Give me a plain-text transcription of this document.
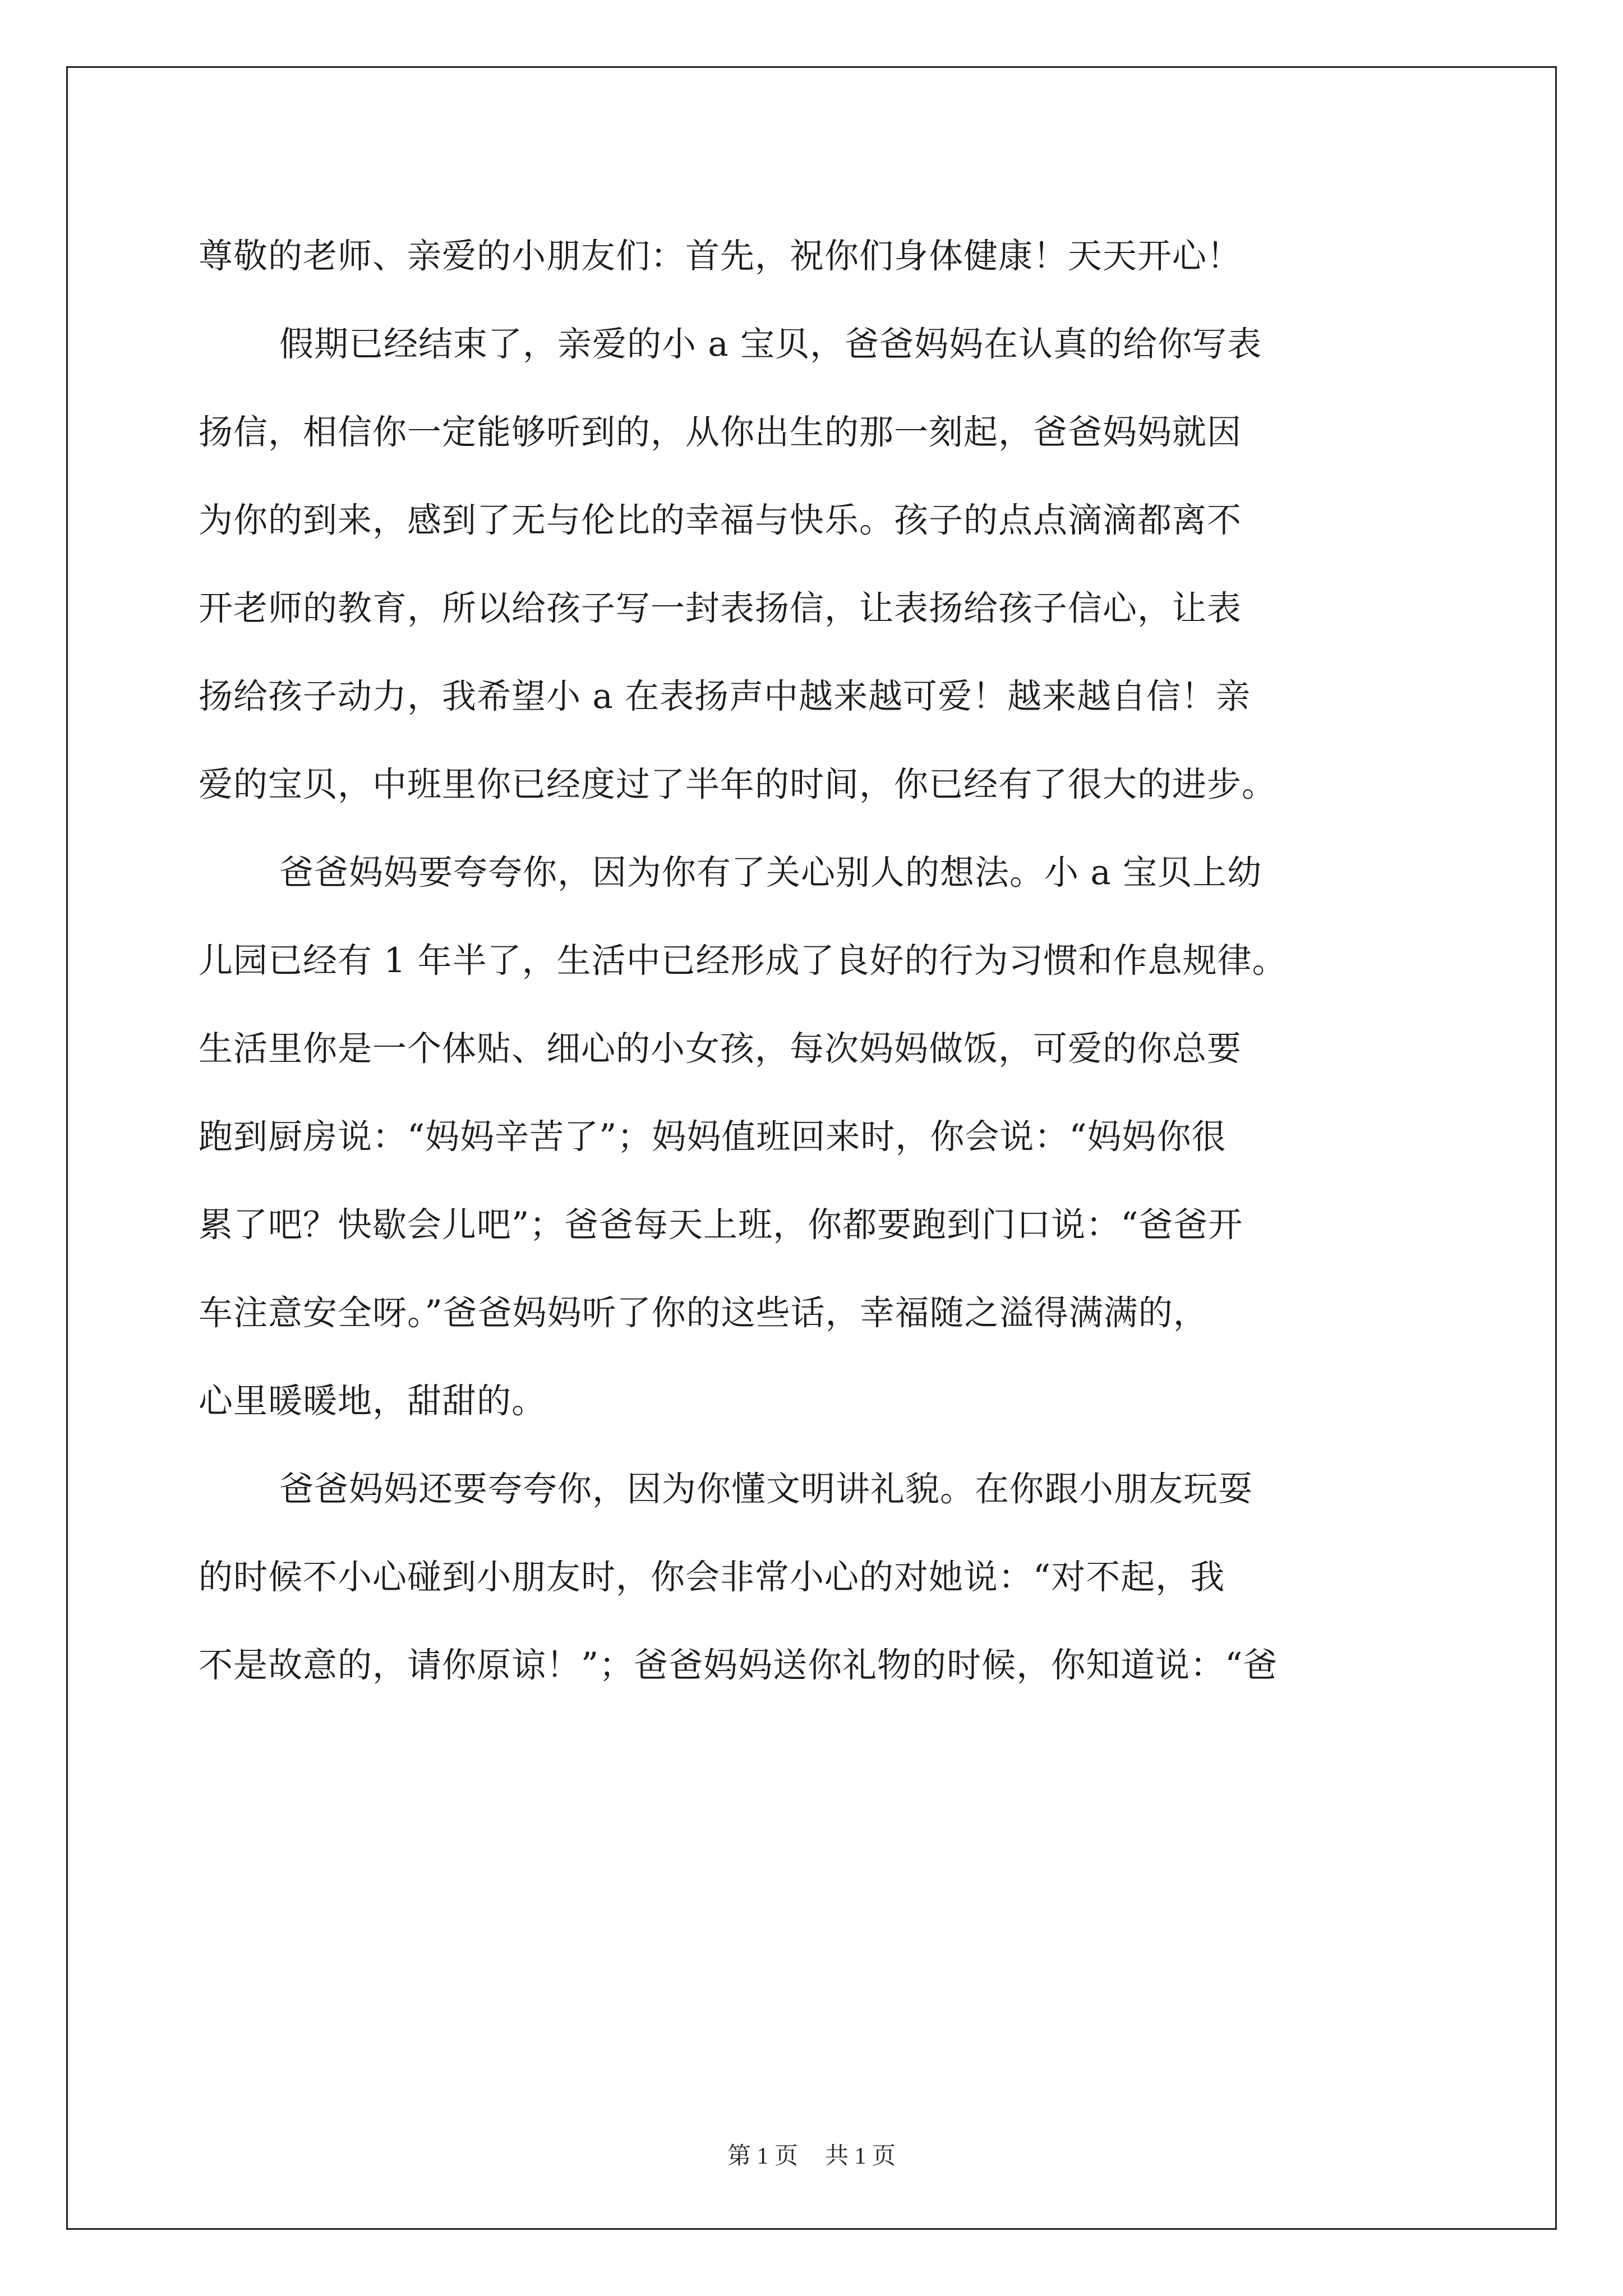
尊敬的老师、亲爱的小朋友们：首先，祝你们身体健康！天天开心！
假期已经结束了，亲爱的小 a 宝贝，爸爸妈妈在认真的给你写表
扬信，相信你一定能够听到的，从你出生的那一刻起，爸爸妈妈就因
为你的到来，感到了无与伦比的幸福与快乐。孩子的点点滴滴都离不
开老师的教育，所以给孩子写一封表扬信，让表扬给孩子信心，让表
扬给孩子动力，我希望小 a 在表扬声中越来越可爱！越来越自信！亲
爱的宝贝，中班里你已经度过了半年的时间，你已经有了很大的进步。
爸爸妈妈要夸夸你，因为你有了关心别人的想法。小 a 宝贝上幼
儿园已经有 1 年半了，生活中已经形成了良好的行为习惯和作息规律。
生活里你是一个体贴、细心的小女孩，每次妈妈做饭，可爱的你总要
跑到厨房说：“妈妈辛苦了”；妈妈值班回来时，你会说：“妈妈你很
累了吧？快歇会儿吧”；爸爸每天上班，你都要跑到门口说：“爸爸开
车注意安全呀。”爸爸妈妈听了你的这些话，幸福随之溢得满满的，
心里暖暖地，甜甜的。
爸爸妈妈还要夸夸你，因为你懂文明讲礼貌。在你跟小朋友玩耍
的时候不小心碰到小朋友时，你会非常小心的对她说：“对不起，我
不是故意的，请你原谅！”；爸爸妈妈送你礼物的时候，你知道说：“爸
第 1 页 共 1 页
